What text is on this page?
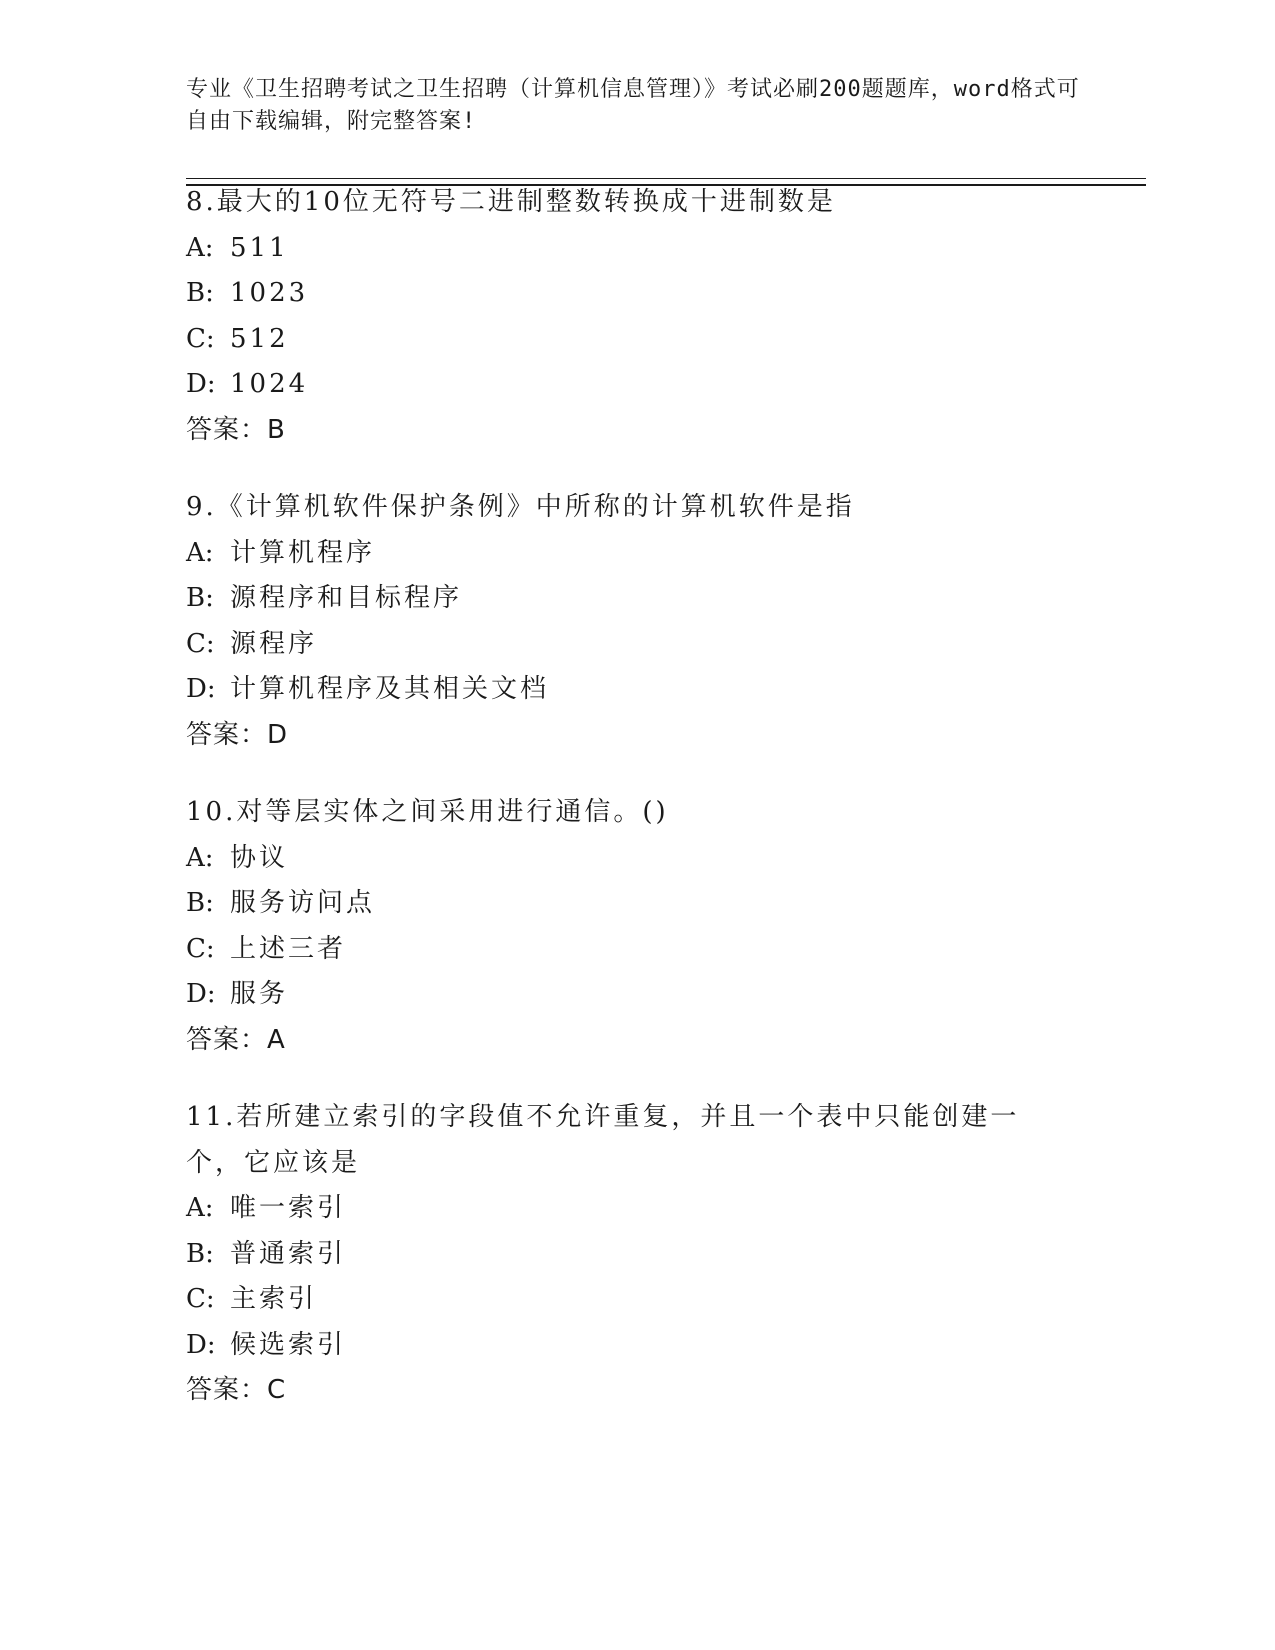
专业《卫生招聘考试之卫生招聘（计算机信息管理）》考试必刷200题题库，word格式可自由下载编辑，附完整答案!

8.最大的10位无符号二进制整数转换成十进制数是

A: 511

B: 1023

C: 512

D: 1024

答案：B

9.《计算机软件保护条例》中所称的计算机软件是指

A: 计算机程序

B: 源程序和目标程序

C: 源程序

D: 计算机程序及其相关文档

答案：D

10.对等层实体之间采用进行通信。()

A: 协议

B: 服务访问点

C: 上述三者

D: 服务

答案：A

11.若所建立索引的字段值不允许重复，并且一个表中只能创建一个，它应该是

A: 唯一索引

B: 普通索引

C: 主索引

D: 候选索引

答案：C
